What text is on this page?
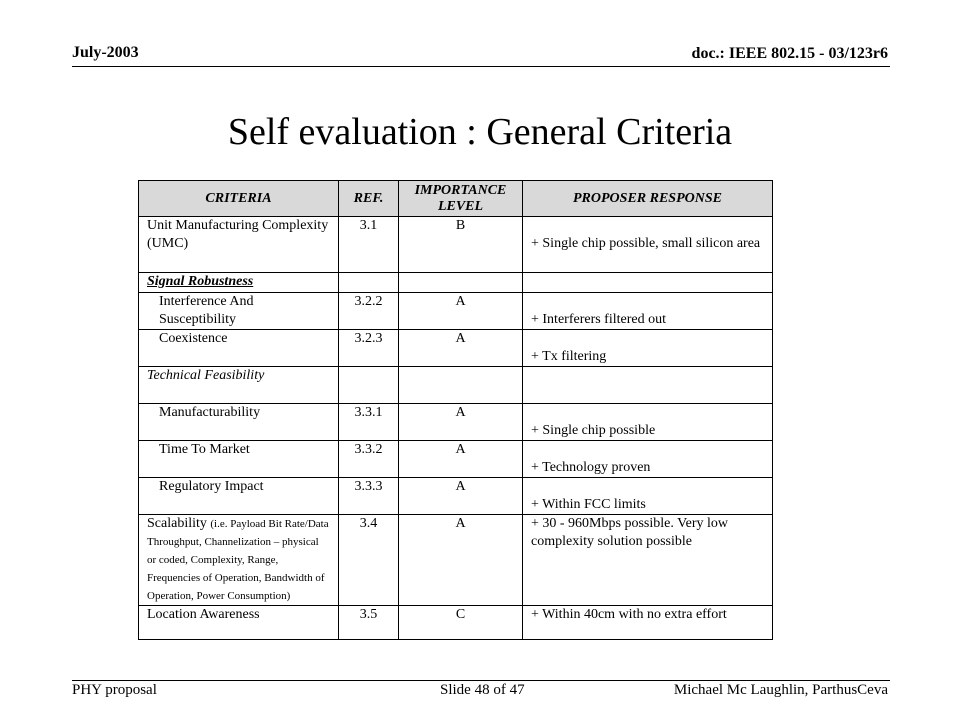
July-2003	doc.: IEEE 802.15 - 03/123r6
Self evaluation : General Criteria
CRITERIA	REF.	IMPORTANCE LEVEL	PROPOSER RESPONSE
Unit Manufacturing Complexity (UMC)	3.1	B	+ Single chip possible, small silicon area

Signal Robustness			

Interference And Susceptibility	3.2.2	A	+ Interferers filtered out

Coexistence	3.2.3	A	+ Tx filtering

Technical Feasibility			

Manufacturability	3.3.1	A	+ Single chip possible

Time To Market	3.3.2	A	+ Technology proven

Regulatory Impact	3.3.3	A	+ Within FCC limits

Scalability (i.e. Payload Bit Rate/Data Throughput, Channelization – physical or coded, Complexity, Range, Frequencies of Operation, Bandwidth of Operation, Power Consumption)	3.4	A	+ 30 - 960Mbps possible. Very low complexity solution possible
Location Awareness	3.5	C	+ Within 40cm with no extra effort
PHY proposal	Slide 48 of 47	Michael Mc Laughlin, ParthusCeva
